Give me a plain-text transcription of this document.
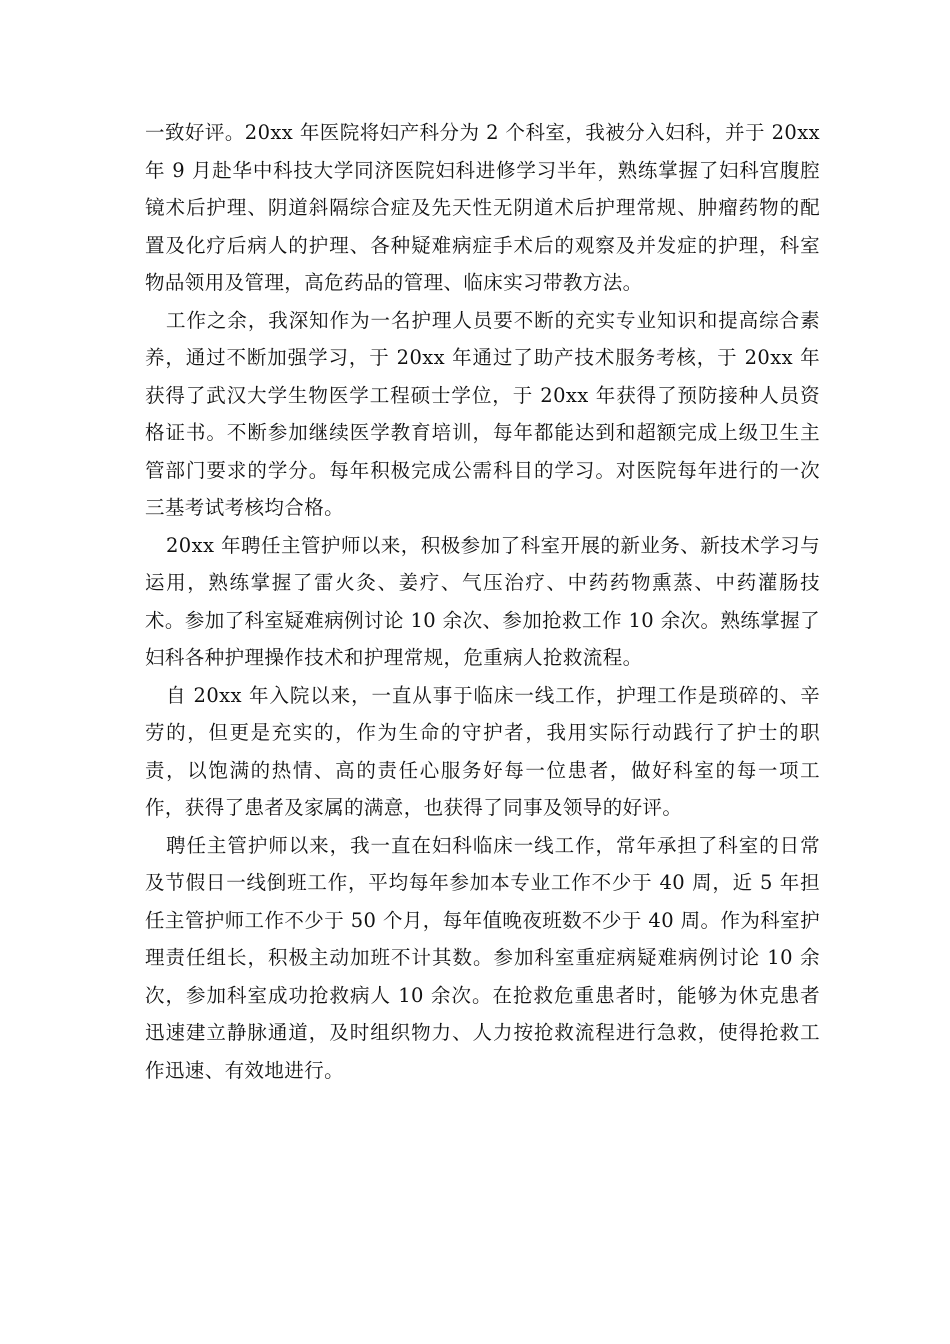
一致好评。20xx 年医院将妇产科分为 2 个科室，我被分入妇科，并于 20xx 年 9 月赴华中科技大学同济医院妇科进修学习半年，熟练掌握了妇科宫腹腔镜术后护理、阴道斜隔综合症及先天性无阴道术后护理常规、肿瘤药物的配置及化疗后病人的护理、各种疑难病症手术后的观察及并发症的护理，科室物品领用及管理，高危药品的管理、临床实习带教方法。

工作之余，我深知作为一名护理人员要不断的充实专业知识和提高综合素养，通过不断加强学习，于 20xx 年通过了助产技术服务考核，于 20xx 年获得了武汉大学生物医学工程硕士学位，于 20xx 年获得了预防接种人员资格证书。不断参加继续医学教育培训，每年都能达到和超额完成上级卫生主管部门要求的学分。每年积极完成公需科目的学习。对医院每年进行的一次三基考试考核均合格。

20xx 年聘任主管护师以来，积极参加了科室开展的新业务、新技术学习与运用，熟练掌握了雷火灸、姜疗、气压治疗、中药药物熏蒸、中药灌肠技术。参加了科室疑难病例讨论 10 余次、参加抢救工作 10 余次。熟练掌握了妇科各种护理操作技术和护理常规，危重病人抢救流程。

自 20xx 年入院以来，一直从事于临床一线工作，护理工作是琐碎的、辛劳的，但更是充实的，作为生命的守护者，我用实际行动践行了护士的职责，以饱满的热情、高的责任心服务好每一位患者，做好科室的每一项工作，获得了患者及家属的满意，也获得了同事及领导的好评。

聘任主管护师以来，我一直在妇科临床一线工作，常年承担了科室的日常及节假日一线倒班工作，平均每年参加本专业工作不少于 40 周，近 5 年担任主管护师工作不少于 50 个月，每年值晚夜班数不少于 40 周。作为科室护理责任组长，积极主动加班不计其数。参加科室重症病疑难病例讨论 10 余次，参加科室成功抢救病人 10 余次。在抢救危重患者时，能够为休克患者迅速建立静脉通道，及时组织物力、人力按抢救流程进行急救，使得抢救工作迅速、有效地进行。
